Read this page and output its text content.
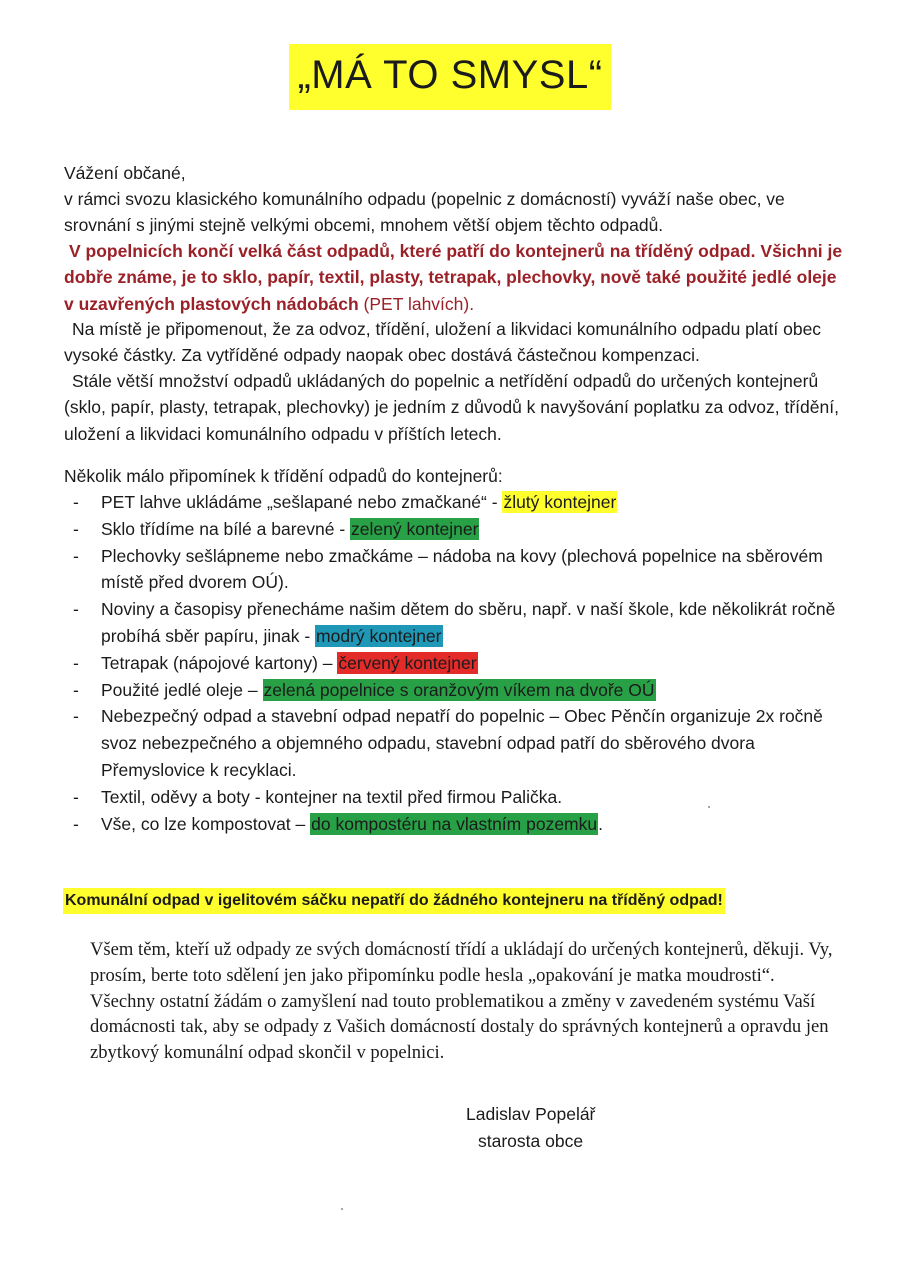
„MÁ TO SMYSL“

Vážení občané,

v rámci svozu klasického komunálního odpadu (popelnic z domácností) vyváží naše obec, ve srovnání s jinými stejně velkými obcemi, mnohem větší objem těchto odpadů.

V popelnicích končí velká část odpadů, které patří do kontejnerů na tříděný odpad. Všichni je dobře známe, je to sklo, papír, textil, plasty, tetrapak, plechovky, nově také použité jedlé oleje v uzavřených plastových nádobách (PET lahvích).

Na místě je připomenout, že za odvoz, třídění, uložení a likvidaci komunálního odpadu platí obec vysoké částky. Za vytříděné odpady naopak obec dostává částečnou kompenzaci.

Stále větší množství odpadů ukládaných do popelnic a netřídění odpadů do určených kontejnerů (sklo, papír, plasty, tetrapak, plechovky) je jedním z důvodů k navyšování poplatku za odvoz, třídění, uložení a likvidaci komunálního odpadu v příštích letech.

Několik málo připomínek k třídění odpadů do kontejnerů:

- PET lahve ukládáme „sešlapané nebo zmačkané“ - žlutý kontejner
- Sklo třídíme na bílé a barevné - zelený kontejner
- Plechovky sešlápneme nebo zmačkáme – nádoba na kovy (plechová popelnice na sběrovém místě před dvorem OÚ).
- Noviny a časopisy přenecháme našim dětem do sběru, např. v naší škole, kde několikrát ročně probíhá sběr papíru, jinak - modrý kontejner
- Tetrapak (nápojové kartony) – červený kontejner
- Použité jedlé oleje – zelená popelnice s oranžovým víkem na dvoře OÚ
- Nebezpečný odpad a stavební odpad nepatří do popelnic – Obec Pěnčín organizuje 2x ročně svoz nebezpečného a objemného odpadu, stavební odpad patří do sběrového dvora Přemyslovice k recyklaci.
- Textil, oděvy a boty - kontejner na textil před firmou Palička.
- Vše, co lze kompostovat – do kompostéru na vlastním pozemku.
Komunální odpad v igelitovém sáčku nepatří do žádného kontejneru na tříděný odpad!

Všem těm, kteří už odpady ze svých domácností třídí a ukládají do určených kontejnerů, děkuji. Vy, prosím, berte toto sdělení jen jako připomínku podle hesla „opakování je matka moudrosti“. Všechny ostatní žádám o zamyšlení nad touto problematikou a změny v zavedeném systému Vaší domácnosti tak, aby se odpady z Vašich domácností dostaly do správných kontejnerů a opravdu jen zbytkový komunální odpad skončil v popelnici.

Ladislav Popelář
starosta obce
